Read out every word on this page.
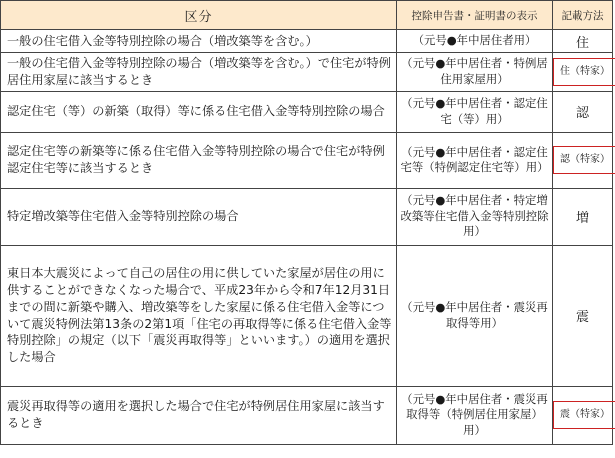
区分	控除申告書・証明書の表示	記載方法
一般の住宅借入金等特別控除の場合（増改築等を含む。）	（元号●年中居住者用）	住
一般の住宅借入金等特別控除の場合（増改築等を含む。）で住宅が特例居住用家屋に該当するとき	（元号●年中居住者・特例居住用家屋用）	住（特家）
認定住宅（等）の新築（取得）等に係る住宅借入金等特別控除の場合	（元号●年中居住者・認定住宅（等）用）	認
認定住宅等の新築等に係る住宅借入金等特別控除の場合で住宅が特例認定住宅等に該当するとき	（元号●年中居住者・認定住宅等（特例認定住宅等）用）	認（特家）
特定増改築等住宅借入金等特別控除の場合	（元号●年中居住者・特定増改築等住宅借入金等特別控除用）	増
東日本大震災によって自己の居住の用に供していた家屋が居住の用に供することができなくなった場合で、平成23年から令和7年12月31日までの間に新築や購入、増改築等をした家屋に係る住宅借入金等について震災特例法第13条の2第1項「住宅の再取得等に係る住宅借入金等特別控除」の規定（以下「震災再取得等」といいます。）の適用を選択した場合	（元号●年中居住者・震災再取得等用）	震
震災再取得等の適用を選択した場合で住宅が特例居住用家屋に該当するとき	（元号●年中居住者・震災再取得等（特例居住用家屋）用）	震（特家）
